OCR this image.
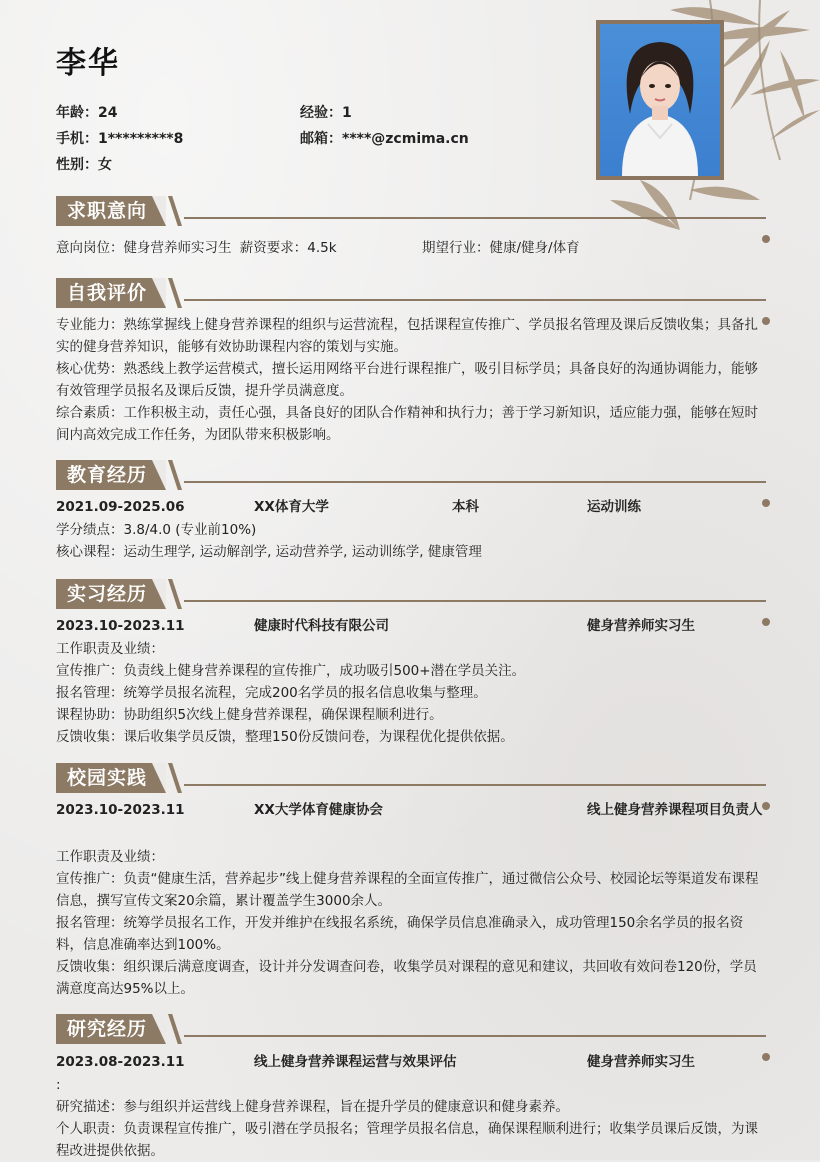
李华
年龄：24	经验：1
手机：1*********8	邮箱：****@zcmima.cn
性别：女
求职意向
意向岗位：健身营养师实习生 薪资要求：4.5k	期望行业：健康/健身/体育
自我评价
专业能力：熟练掌握线上健身营养课程的组织与运营流程，包括课程宣传推广、学员报名管理及课后反馈收集；具备扎实的健身营养知识，能够有效协助课程内容的策划与实施。
核心优势：熟悉线上教学运营模式，擅长运用网络平台进行课程推广，吸引目标学员；具备良好的沟通协调能力，能够有效管理学员报名及课后反馈，提升学员满意度。
综合素质：工作积极主动，责任心强，具备良好的团队合作精神和执行力；善于学习新知识，适应能力强，能够在短时间内高效完成工作任务，为团队带来积极影响。
教育经历
2021.09-2025.06	XX体育大学	本科	运动训练
学分绩点：3.8/4.0 (专业前10%)
核心课程：运动生理学, 运动解剖学, 运动营养学, 运动训练学, 健康管理
实习经历
2023.10-2023.11	健康时代科技有限公司	健身营养师实习生
工作职责及业绩：
宣传推广：负责线上健身营养课程的宣传推广，成功吸引500+潜在学员关注。
报名管理：统筹学员报名流程，完成200名学员的报名信息收集与整理。
课程协助：协助组织5次线上健身营养课程，确保课程顺利进行。
反馈收集：课后收集学员反馈，整理150份反馈问卷，为课程优化提供依据。
校园实践
2023.10-2023.11	XX大学体育健康协会	线上健身营养课程项目负责人
工作职责及业绩：
宣传推广：负责“健康生活，营养起步”线上健身营养课程的全面宣传推广，通过微信公众号、校园论坛等渠道发布课程信息，撰写宣传文案20余篇，累计覆盖学生3000余人。
报名管理：统筹学员报名工作，开发并维护在线报名系统，确保学员信息准确录入，成功管理150余名学员的报名资料，信息准确率达到100%。
反馈收集：组织课后满意度调查，设计并分发调查问卷，收集学员对课程的意见和建议，共回收有效问卷120份，学员满意度高达95%以上。
研究经历
2023.08-2023.11	线上健身营养课程运营与效果评估	健身营养师实习生
:
研究描述：参与组织并运营线上健身营养课程，旨在提升学员的健康意识和健身素养。
个人职责：负责课程宣传推广，吸引潜在学员报名；管理学员报名信息，确保课程顺利进行；收集学员课后反馈，为课程改进提供依据。
